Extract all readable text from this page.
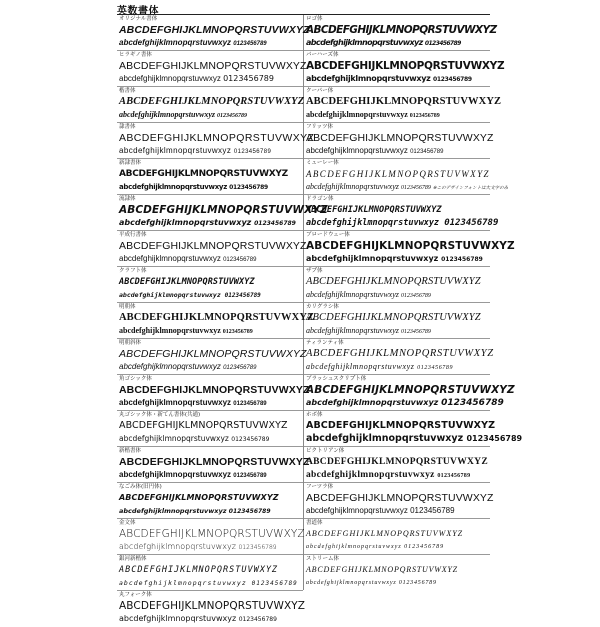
英数書体
オリジナル書体
ABCDEFGHIJKLMNOPQRSTUVWXYZ
abcdefghijklmnopqrstuvwxyz 0123456789
ヒラギノ書体
ABCDEFGHIJKLMNOPQRSTUVWXYZ
abcdefghijklmnopqrstuvwxyz 0123456789
楷書体
ABCDEFGHIJKLMNOPQRSTUVWXYZ
abcdefghijklmnopqrstuvwxyz 0123456789
隷書体
ABCDEFGHIJKLMNOPQRSTUVWXYZ
abcdefghijklmnopqrstuvwxyz 0123456789
新隷書体
ABCDEFGHIJKLMNOPQRSTUVWXYZ
abcdefghijklmnopqrstuvwxyz 0123456789
流隷体
ABCDEFGHIJKLMNOPQRSTUVWXYZ
abcdefghijklmnopqrstuvwxyz 0123456789
平成行書体
ABCDEFGHIJKLMNOPQRSTUVWXYZ
abcdefghijklmnopqrstuvwxyz 0123456789
クラフト体
ABCDEFGHIJKLMNOPQRSTUVWXYZ
abcdefghijklmnopqrstuvwxyz 0123456789
明朝体
ABCDEFGHIJKLMNOPQRSTUVWXYZ
abcdefghijklmnopqrstuvwxyz 0123456789
明朝斜体
ABCDEFGHIJKLMNOPQRSTUVWXYZ
abcdefghijklmnopqrstuvwxyz 0123456789
角ゴシック体
ABCDEFGHIJKLMNOPQRSTUVWXYZ
abcdefghijklmnopqrstuvwxyz 0123456789
丸ゴシック体・新てん書体(共通)
ABCDEFGHIJKLMNOPQRSTUVWXYZ
abcdefghijklmnopqrstuvwxyz 0123456789
新楷書体
ABCDEFGHIJKLMNOPQRSTUVWXYZ
abcdefghijklmnopqrstuvwxyz 0123456789
なごみ体(旧円体)
ABCDEFGHIJKLMNOPQRSTUVWXYZ
abcdefghijklmnopqrstuvwxyz 0123456789
金文体
ABCDEFGHIJKLMNOPQRSTUVWXYZ
abcdefghijklmnopqrstuvwxyz 0123456789
銀河新楷体
ABCDEFGHIJKLMNOPQRSTUVWXYZ
abcdefghijklmnopqrstuvwxyz 0123456789
丸フォーク体
ABCDEFGHIJKLMNOPQRSTUVWXYZ
abcdefghijklmnopqrstuvwxyz 0123456789
ロゴ体
ABCDEFGHIJKLMNOPQRSTUVWXYZ
abcdefghijklmnopqrstuvwxyz 0123456789
パーハーズ体
ABCDEFGHIJKLMNOPQRSTUVWXYZ
abcdefghijklmnopqrstuvwxyz 0123456789
クーパー体
ABCDEFGHIJKLMNOPQRSTUVWXYZ
abcdefghijklmnopqrstuvwxyz 0123456789
フリッツ体
ABCDEFGHIJKLMNOPQRSTUVWXYZ
abcdefghijklmnopqrstuvwxyz 0123456789
ミューレー体
ABCDEFGHIJKLMNOPQRSTUVWXYZ
abcdefghijklmnopqrstuvwxyz 0123456789 ※このデザインフォントは大文字のみ
ドラゴン体
ABCDEFGHIJKLMNOPQRSTUVWXYZ
abcdefghijklmnopqrstuvwxyz 0123456789
ブロードウェー体
ABCDEFGHIJKLMNOPQRSTUVWXYZ
abcdefghijklmnopqrstuvwxyz 0123456789
ザプ体
ABCDEFGHIJKLMNOPQRSTUVWXYZ
abcdefghijklmnopqrstuvwxyz 0123456789
カリグラシ体
ABCDEFGHIJKLMNOPQRSTUVWXYZ
abcdefghijklmnopqrstuvwxyz 0123456789
ティランティ体
ABCDEFGHIJKLMNOPQRSTUVWXYZ
abcdefghijklmnopqrstuvwxyz 0123456789
ブラッシュスクリプト体
ABCDEFGHIJKLMNOPQRSTUVWXYZ
abcdefghijklmnopqrstuvwxyz 0123456789
ホボ体
ABCDEFGHIJKLMNOPQRSTUVWXYZ
abcdefghijklmnopqrstuvwxyz 0123456789
ビクトリアン体
ABCDEFGHIJKLMNOPQRSTUVWXYZ
abcdefghijklmnopqrstuvwxyz 0123456789
フーツラ体
ABCDEFGHIJKLMNOPQRSTUVWXYZ
abcdefghijklmnopqrstuvwxyz 0123456789
書道体
ABCDEFGHIJKLMNOPQRSTUVWXYZ
abcdefghijklmnopqrstuvwxyz 0123456789
ストリーム体
ABCDEFGHIJKLMNOPQRSTUVWXYZ
abcdefghijklmnopqrstuvwxyz 0123456789
